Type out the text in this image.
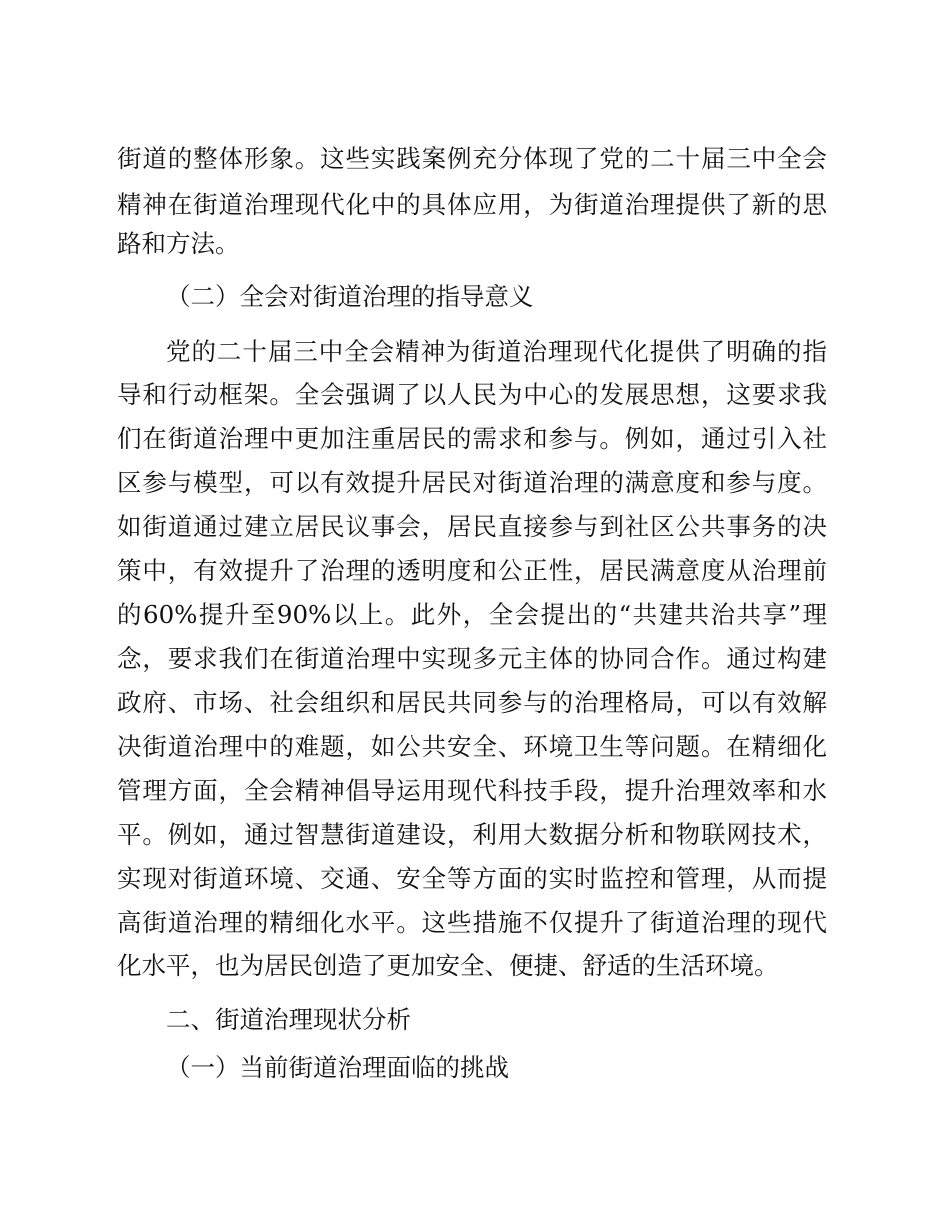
街道的整体形象。这些实践案例充分体现了党的二十届三中全会
精神在街道治理现代化中的具体应用，为街道治理提供了新的思
路和方法。
（二）全会对街道治理的指导意义
党的二十届三中全会精神为街道治理现代化提供了明确的指
导和行动框架。全会强调了以人民为中心的发展思想，这要求我
们在街道治理中更加注重居民的需求和参与。例如，通过引入社
区参与模型，可以有效提升居民对街道治理的满意度和参与度。
如街道通过建立居民议事会，居民直接参与到社区公共事务的决
策中，有效提升了治理的透明度和公正性，居民满意度从治理前
的60%提升至90%以上。此外，全会提出的“共建共治共享”理
念，要求我们在街道治理中实现多元主体的协同合作。通过构建
政府、市场、社会组织和居民共同参与的治理格局，可以有效解
决街道治理中的难题，如公共安全、环境卫生等问题。在精细化
管理方面，全会精神倡导运用现代科技手段，提升治理效率和水
平。例如，通过智慧街道建设，利用大数据分析和物联网技术，
实现对街道环境、交通、安全等方面的实时监控和管理，从而提
高街道治理的精细化水平。这些措施不仅提升了街道治理的现代
化水平，也为居民创造了更加安全、便捷、舒适的生活环境。
二、街道治理现状分析
（一）当前街道治理面临的挑战
